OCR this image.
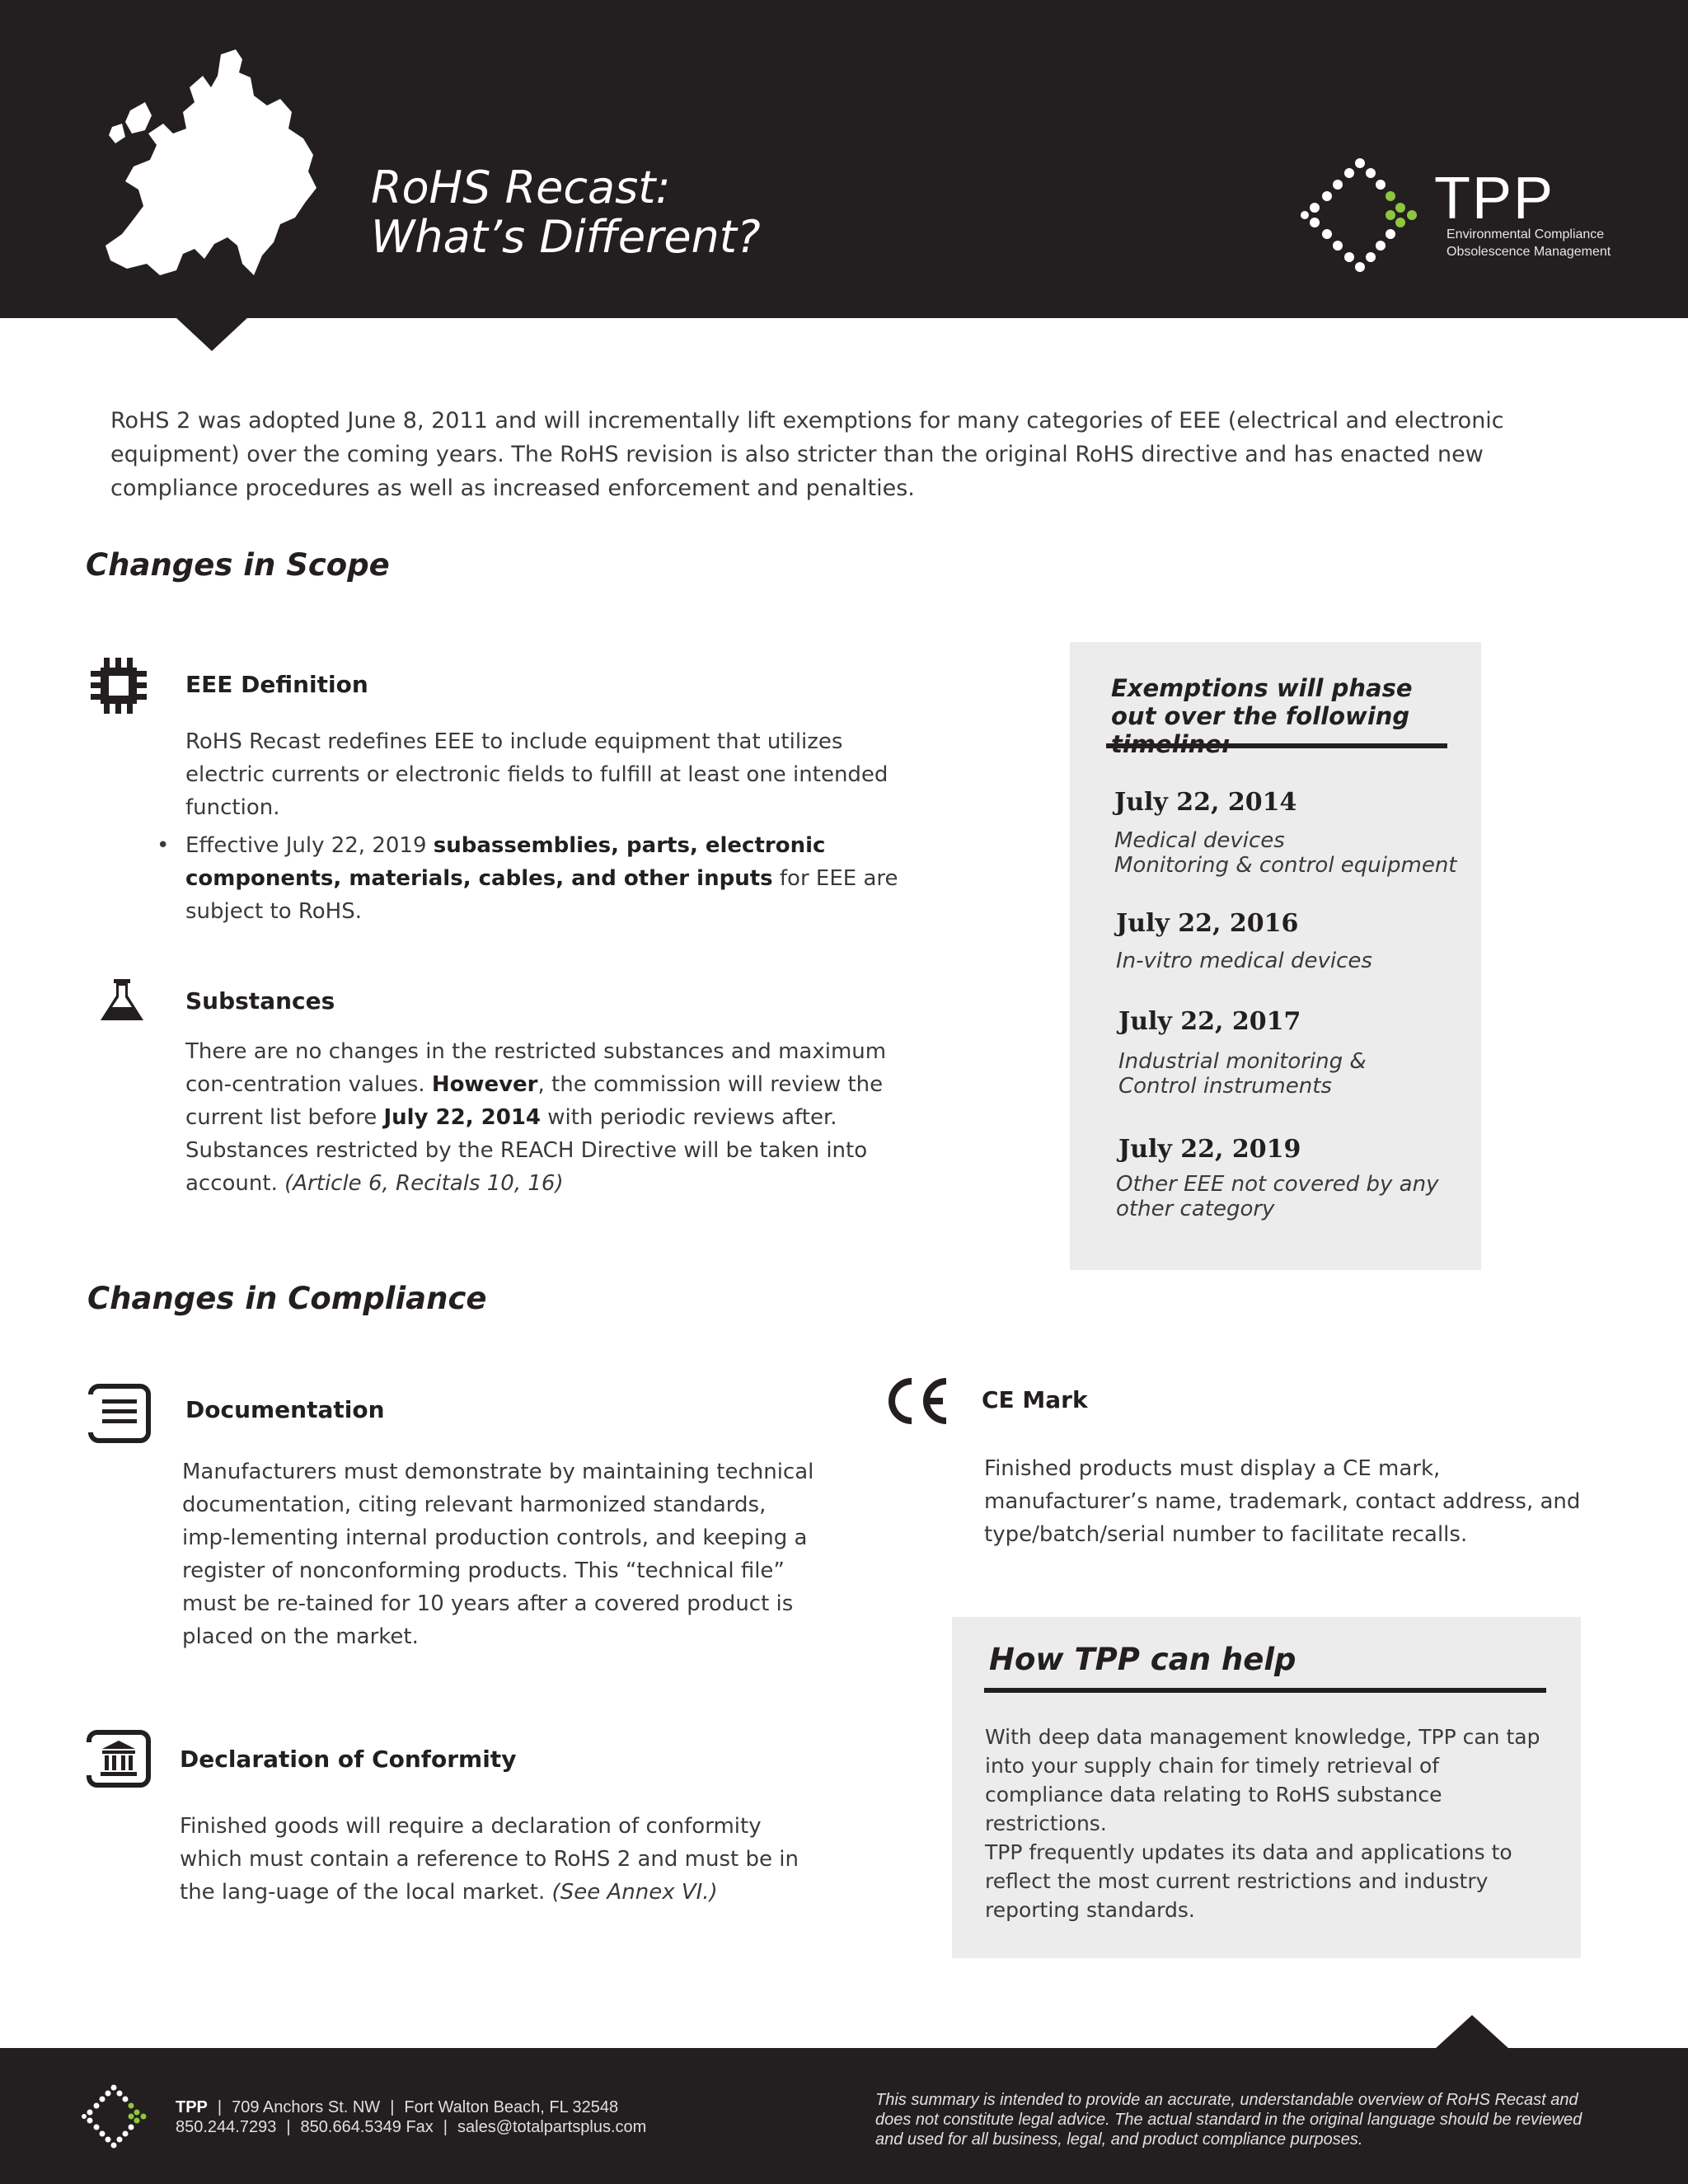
RoHS Recast:
What’s Different?
TPP
Environmental Compliance
Obsolescence Management

RoHS 2 was adopted June 8, 2011 and will incrementally lift exemptions for many categories of EEE (electrical and electronic equipment) over the coming years. The RoHS revision is also stricter than the original RoHS directive and has enacted new compliance procedures as well as increased enforcement and penalties.

Changes in Scope
EEE Definition

RoHS Recast redefines EEE to include equipment that utilizes electric currents or electronic fields to fulfill at least one intended function.

• Effective July 22, 2019 subassemblies, parts, electronic components, materials, cables, and other inputs for EEE are subject to RoHS.

Substances

There are no changes in the restricted substances and maximum con-centration values. However, the commission will review the current list before July 22, 2014 with periodic reviews after. Substances restricted by the REACH Directive will be taken into account. (Article 6, Recitals 10, 16)

Exemptions will phase out over the following
July 22, 2014
Medical devices
Monitoring & control equipment
July 22, 2016
In-vitro medical devices
July 22, 2017
Industrial monitoring &
Control instruments
July 22, 2019
Other EEE not covered by any
other category
Changes in Compliance
Documentation

Manufacturers must demonstrate by maintaining technical documentation, citing relevant harmonized standards, imp-lementing internal production controls, and keeping a register of nonconforming products. This “technical file” must be re-tained for 10 years after a covered product is placed on the market.

Declaration of Conformity

Finished goods will require a declaration of conformity which must contain a reference to RoHS 2 and must be in the lang-uage of the local market. (See Annex VI.)

CE Mark

Finished products must display a CE mark, manufacturer’s name, trademark, contact address, and type/batch/serial number to facilitate recalls.

How TPP can help

With deep data management knowledge, TPP can tap into your supply chain for timely retrieval of compliance data relating to RoHS substance restrictions.

TPP frequently updates its data and applications to reflect the most current restrictions and industry reporting standards.

TPP | 709 Anchors St. NW | Fort Walton Beach, FL 32548
850.244.7293 | 850.664.5349 Fax | sales@totalpartsplus.com

This summary is intended to provide an accurate, understandable overview of RoHS Recast and does not constitute legal advice. The actual standard in the original language should be reviewed and used for all business, legal, and product compliance purposes.
